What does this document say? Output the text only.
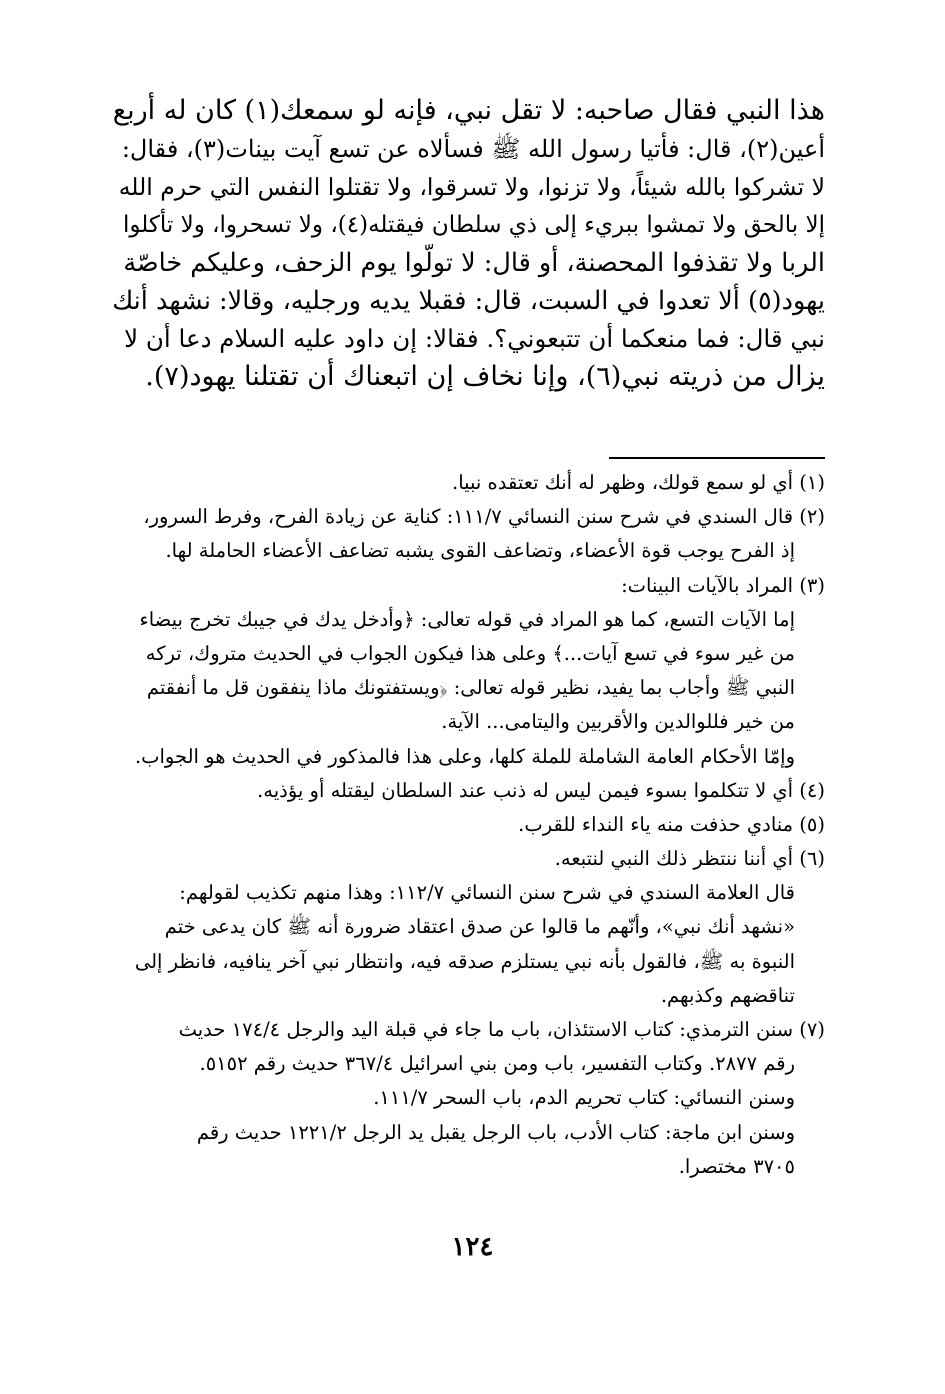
هذا النبي فقال صاحبه: لا تقل نبي، فإنه لو سمعك(١) كان له أربع
أعين(٢)، قال: فأتيا رسول الله ﷺ فسألاه عن تسع آيت بينات(٣)، فقال:
لا تشركوا بالله شيئاً، ولا تزنوا، ولا تسرقوا، ولا تقتلوا النفس التي حرم الله
إلا بالحق ولا تمشوا ببريء إلى ذي سلطان فيقتله(٤)، ولا تسحروا، ولا تأكلوا
الربا ولا تقذفوا المحصنة، أو قال: لا تولّوا يوم الزحف، وعليكم خاصّة
يهود(٥) ألا تعدوا في السبت، قال: فقبلا يديه ورجليه، وقالا: نشهد أنك
نبي قال: فما منعكما أن تتبعوني؟. فقالا: إن داود عليه السلام دعا أن لا
يزال من ذريته نبي(٦)، وإنا نخاف إن اتبعناك أن تقتلنا يهود(٧).
(١) أي لو سمع قولك، وظهر له أنك تعتقده نبيا.
(٢) قال السندي في شرح سنن النسائي ١١١/٧: كناية عن زيادة الفرح، وفرط السرور،
إذ الفرح يوجب قوة الأعضاء، وتضاعف القوى يشبه تضاعف الأعضاء الحاملة لها.
(٣) المراد بالآيات البينات:
إما الآيات التسع، كما هو المراد في قوله تعالى: ﴿وأدخل يدك في جيبك تخرج بيضاء
من غير سوء في تسع آيات...﴾ وعلى هذا فيكون الجواب في الحديث متروك، تركه
النبي ﷺ وأجاب بما يفيد، نظير قوله تعالى: ﴿ويستفتونك ماذا ينفقون قل ما أنفقتم
من خير فللوالدين والأقربين واليتامى... الآية.
وإمّا الأحكام العامة الشاملة للملة كلها، وعلى هذا فالمذكور في الحديث هو الجواب.
(٤) أي لا تتكلموا بسوء فيمن ليس له ذنب عند السلطان ليقتله أو يؤذيه.
(٥) منادي حذفت منه ياء النداء للقرب.
(٦) أي أننا ننتظر ذلك النبي لنتبعه.
قال العلامة السندي في شرح سنن النسائي ١١٢/٧: وهذا منهم تكذيب لقولهم:
«نشهد أنك نبي»، وأنّهم ما قالوا عن صدق اعتقاد ضرورة أنه ﷺ كان يدعى ختم
النبوة به ﷺ، فالقول بأنه نبي يستلزم صدقه فيه، وانتظار نبي آخر ينافيه، فانظر إلى
تناقضهم وكذبهم.
(٧) سنن الترمذي: كتاب الاستئذان، باب ما جاء في قبلة اليد والرجل ١٧٤/٤ حديث
رقم ٢٨٧٧. وكتاب التفسير، باب ومن بني اسرائيل ٣٦٧/٤ حديث رقم ٥١٥٢.
وسنن النسائي: كتاب تحريم الدم، باب السحر ١١١/٧.
وسنن ابن ماجة: كتاب الأدب، باب الرجل يقبل يد الرجل ١٢٢١/٢ حديث رقم
٣٧٠٥ مختصرا.
١٢٤
